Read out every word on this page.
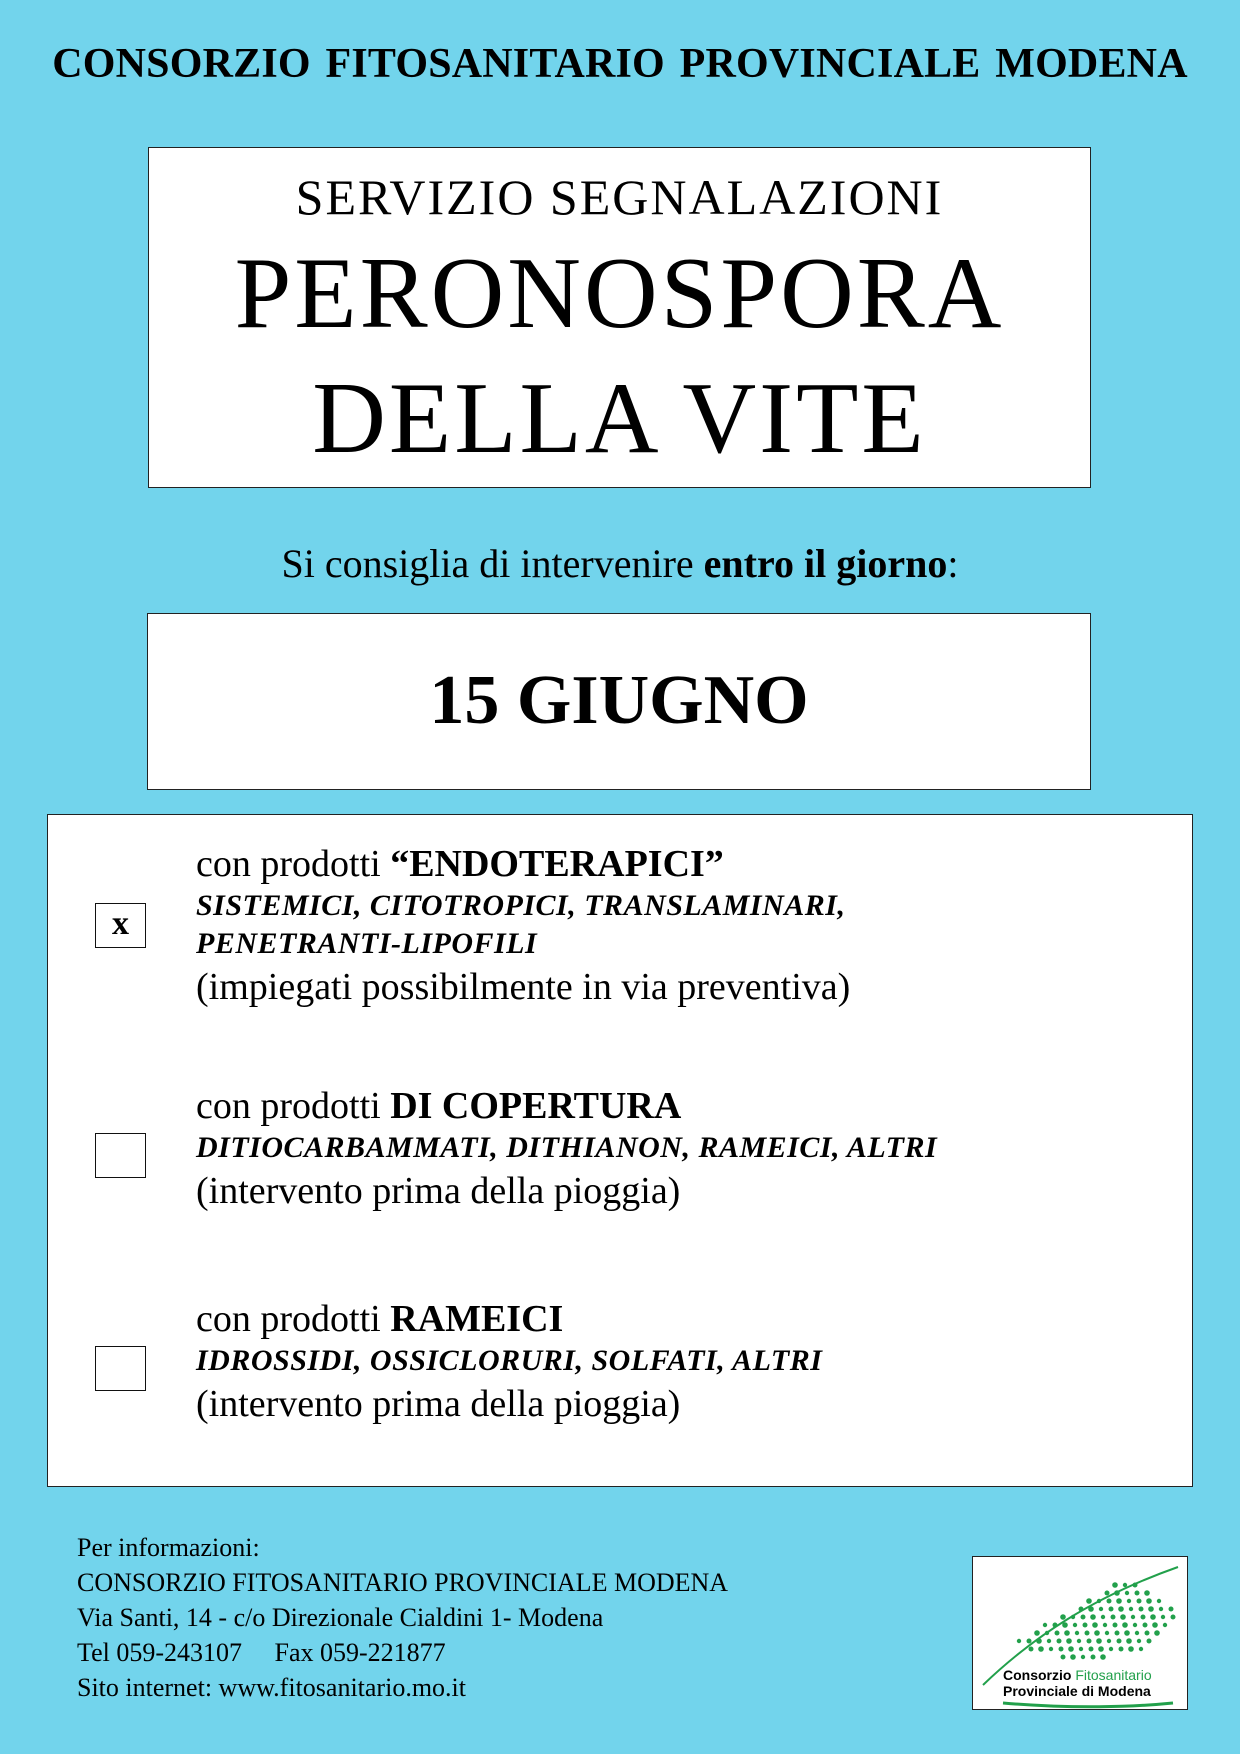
CONSORZIO FITOSANITARIO PROVINCIALE MODENA
SERVIZIO SEGNALAZIONI
PERONOSPORA
DELLA VITE
Si consiglia di intervenire entro il giorno:
15 GIUGNO
x
con prodotti “ENDOTERAPICI”
SISTEMICI, CITOTROPICI, TRANSLAMINARI,
PENETRANTI-LIPOFILI
(impiegati possibilmente in via preventiva)
con prodotti DI COPERTURA
DITIOCARBAMMATI, DITHIANON, RAMEICI, ALTRI
(intervento prima della pioggia)
con prodotti RAMEICI
IDROSSIDI, OSSICLORURI, SOLFATI, ALTRI
(intervento prima della pioggia)
Per informazioni:
CONSORZIO FITOSANITARIO PROVINCIALE MODENA
Via Santi, 14 - c/o Direzionale Cialdini 1- Modena
Tel 059-243107     Fax 059-221877
Sito internet: www.fitosanitario.mo.it	Consorzio Fitosanitario
Provinciale di Modena
